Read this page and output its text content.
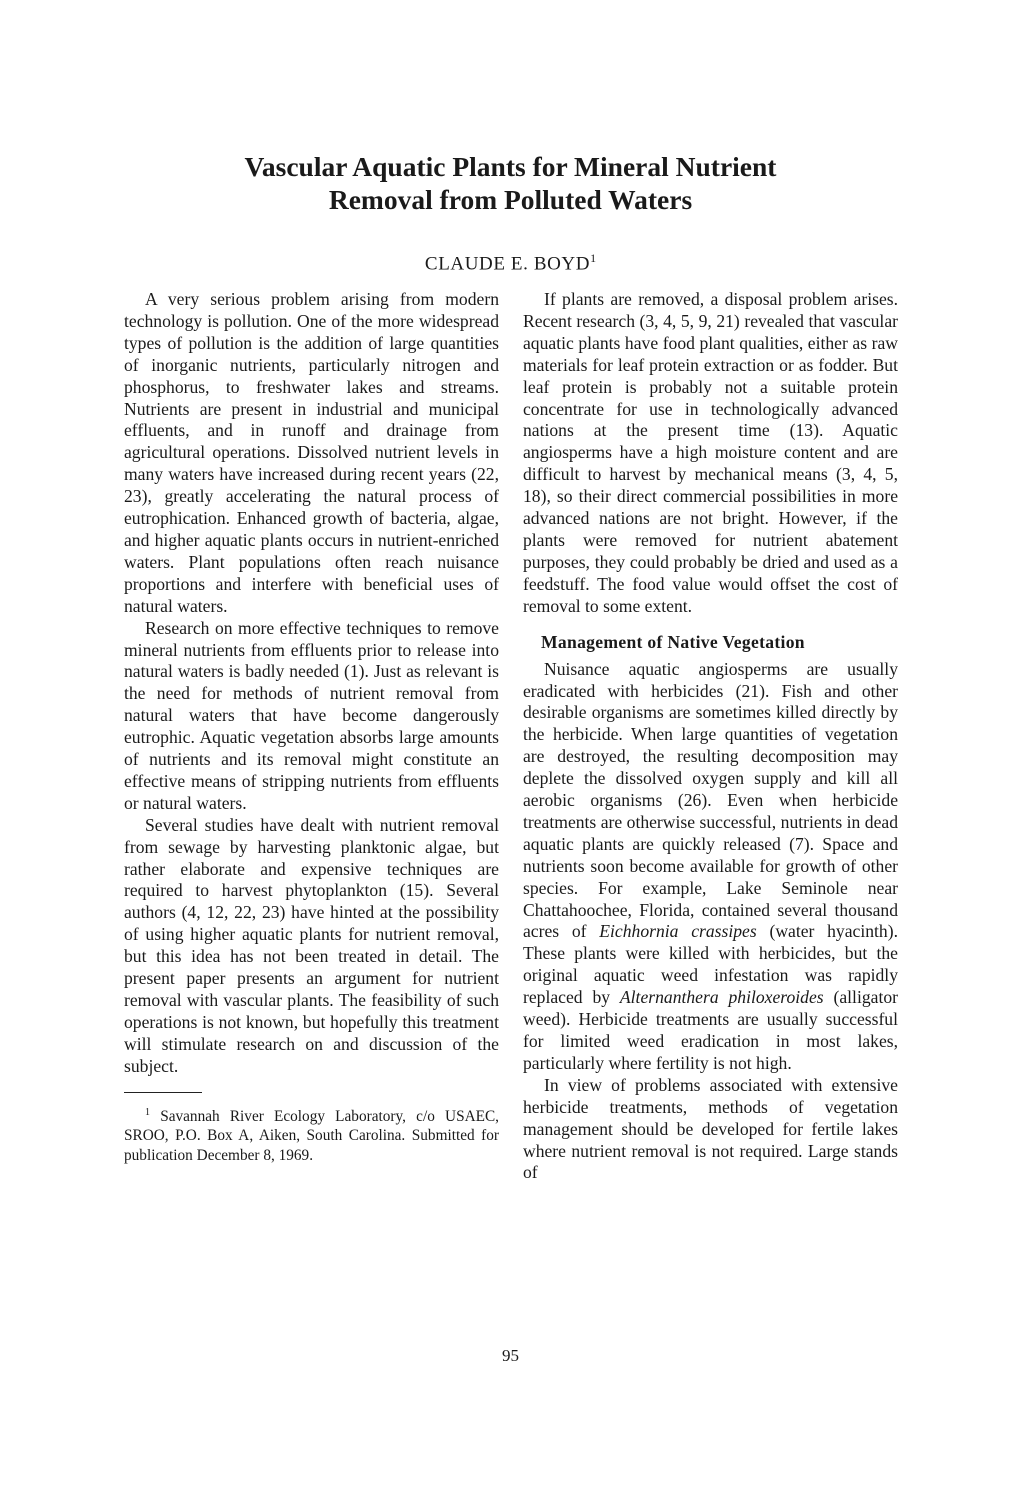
Vascular Aquatic Plants for Mineral Nutrient
Removal from Polluted Waters

CLAUDE E. BOYD$^1$

A very serious problem arising from modern technology is pollution. One of the more widespread types of pollution is the addition of large quantities of inorganic nutrients, particularly nitrogen and phosphorus, to freshwater lakes and streams. Nutrients are present in industrial and municipal effluents, and in runoff and drainage from agricultural operations. Dissolved nutrient levels in many waters have increased during recent years (22, 23), greatly accelerating the natural process of eutrophication. Enhanced growth of bacteria, algae, and higher aquatic plants occurs in nutrient-enriched waters. Plant populations often reach nuisance proportions and interfere with beneficial uses of natural waters.

Research on more effective techniques to remove mineral nutrients from effluents prior to release into natural waters is badly needed (1). Just as relevant is the need for methods of nutrient removal from natural waters that have become dangerously eutrophic. Aquatic vegetation absorbs large amounts of nutrients and its removal might constitute an effective means of stripping nutrients from effluents or natural waters.

Several studies have dealt with nutrient removal from sewage by harvesting planktonic algae, but rather elaborate and expensive techniques are required to harvest phytoplankton (15). Several authors (4, 12, 22, 23) have hinted at the possibility of using higher aquatic plants for nutrient removal, but this idea has not been treated in detail. The present paper presents an argument for nutrient removal with vascular plants. The feasibility of such operations is not known, but hopefully this treatment will stimulate research on and discussion of the subject.

$^1$ Savannah River Ecology Laboratory, c/o USAEC, SROO, P.O. Box A, Aiken, South Carolina. Submitted for publication December 8, 1969.

If plants are removed, a disposal problem arises. Recent research (3, 4, 5, 9, 21) revealed that vascular aquatic plants have food plant qualities, either as raw materials for leaf protein extraction or as fodder. But leaf protein is probably not a suitable protein concentrate for use in technologically advanced nations at the present time (13). Aquatic angiosperms have a high moisture content and are difficult to harvest by mechanical means (3, 4, 5, 18), so their direct commercial possibilities in more advanced nations are not bright. However, if the plants were removed for nutrient abatement purposes, they could probably be dried and used as a feedstuff. The food value would offset the cost of removal to some extent.

Management of Native Vegetation

Nuisance aquatic angiosperms are usually eradicated with herbicides (21). Fish and other desirable organisms are sometimes killed directly by the herbicide. When large quantities of vegetation are destroyed, the resulting decomposition may deplete the dissolved oxygen supply and kill all aerobic organisms (26). Even when herbicide treatments are otherwise successful, nutrients in dead aquatic plants are quickly released (7). Space and nutrients soon become available for growth of other species. For example, Lake Seminole near Chattahoochee, Florida, contained several thousand acres of Eichhornia crassipes (water hyacinth). These plants were killed with herbicides, but the original aquatic weed infestation was rapidly replaced by Alternanthera philoxeroides (alligator weed). Herbicide treatments are usually successful for limited weed eradication in most lakes, particularly where fertility is not high.

In view of problems associated with extensive herbicide treatments, methods of vegetation management should be developed for fertile lakes where nutrient removal is not required. Large stands of

95
